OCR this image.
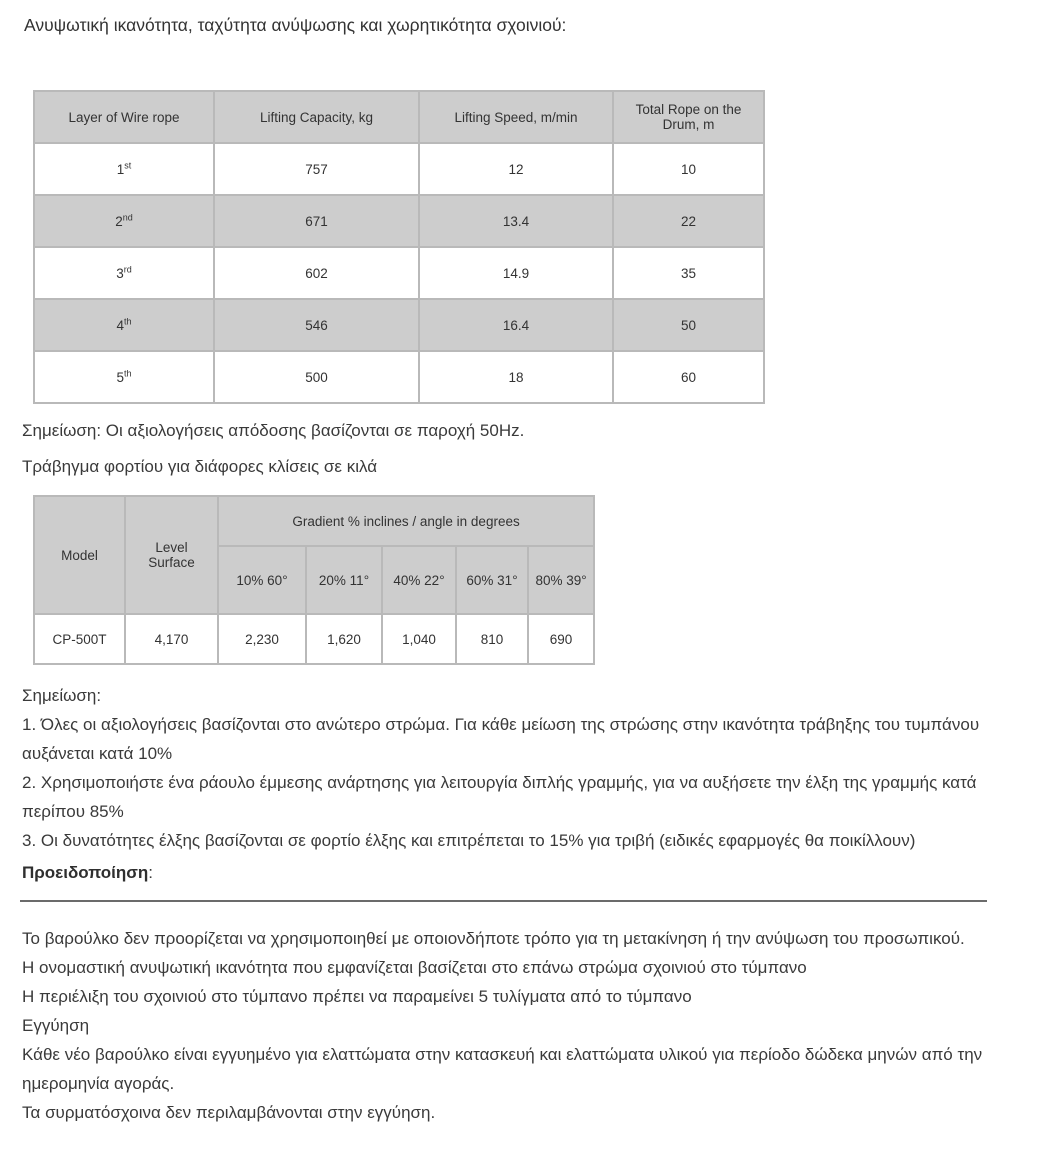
Ανυψωτική ικανότητα, ταχύτητα ανύψωσης και χωρητικότητα σχοινιού:

Layer of Wire rope	Lifting Capacity, kg	Lifting Speed, m/min	Total Rope on the Drum, m
1st	757	12	10
2nd	671	13.4	22
3rd	602	14.9	35
4th	546	16.4	50
5th	500	18	60

Σημείωση: Οι αξιολογήσεις απόδοσης βασίζονται σε παροχή 50Hz.

Τράβηγμα φορτίου για διάφορες κλίσεις σε κιλά

Model	Level Surface	Gradient % inclines / angle in degrees				
		10% 60°	20% 11°	40% 22°	60% 31°	80% 39°
CP-500T	4,170	2,230	1,620	1,040	810	690

Σημείωση:

1. Όλες οι αξιολογήσεις βασίζονται στο ανώτερο στρώμα. Για κάθε μείωση της στρώσης στην ικανότητα τράβηξης του τυμπάνου αυξάνεται κατά 10%

2. Χρησιμοποιήστε ένα ράουλο έμμεσης ανάρτησης για λειτουργία διπλής γραμμής, για να αυξήσετε την έλξη της γραμμής κατά περίπου 85%

3. Οι δυνατότητες έλξης βασίζονται σε φορτίο έλξης και επιτρέπεται το 15% για τριβή (ειδικές εφαρμογές θα ποικίλλουν)

Προειδοποίηση:

Το βαρούλκο δεν προορίζεται να χρησιμοποιηθεί με οποιονδήποτε τρόπο για τη μετακίνηση ή την ανύψωση του προσωπικού.

Η ονομαστική ανυψωτική ικανότητα που εμφανίζεται βασίζεται στο επάνω στρώμα σχοινιού στο τύμπανο

Η περιέλιξη του σχοινιού στο τύμπανο πρέπει να παραμείνει 5 τυλίγματα από το τύμπανο

Εγγύηση

Κάθε νέο βαρούλκο είναι εγγυημένο για ελαττώματα στην κατασκευή και ελαττώματα υλικού για περίοδο δώδεκα μηνών από την ημερομηνία αγοράς.

Τα συρματόσχοινα δεν περιλαμβάνονται στην εγγύηση.
